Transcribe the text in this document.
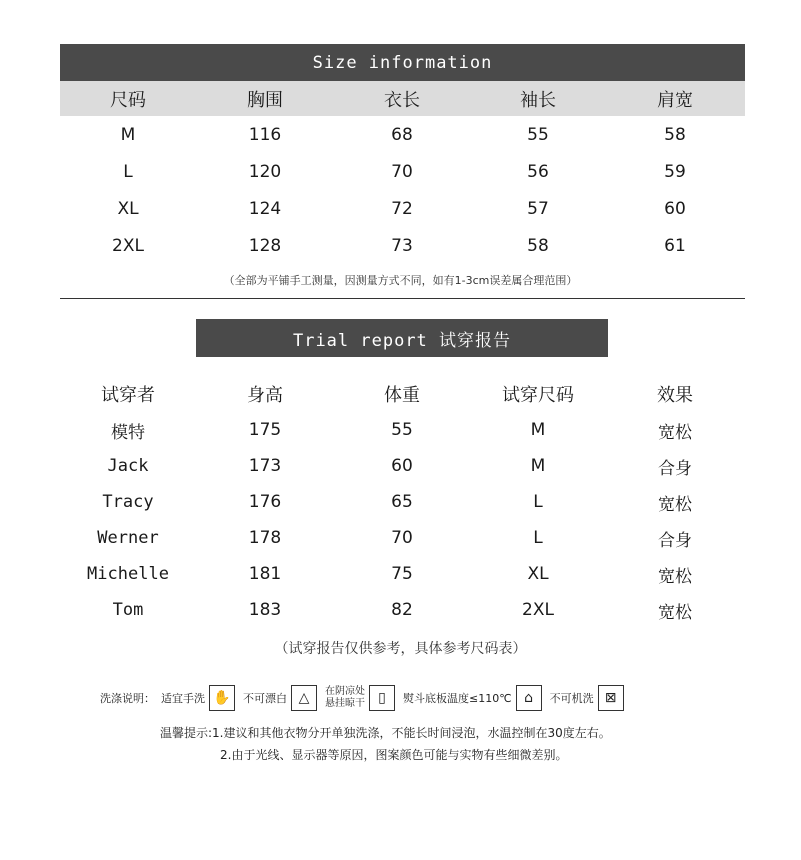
Size information
尺码	胸围	衣长	袖长	肩宽
M	116	68	55	58
L	120	70	56	59
XL	124	72	57	60
2XL	128	73	58	61
（全部为平铺手工测量，因测量方式不同，如有1-3cm误差属合理范围）
Trial report 试穿报告
试穿者	身高	体重	试穿尺码	效果
模特	175	55	M	宽松
Jack	173	60	M	合身
Tracy	176	65	L	宽松
Werner	178	70	L	合身
Michelle	181	75	XL	宽松
Tom	183	82	2XL	宽松
（试穿报告仅供参考，具体参考尺码表）
洗涤说明： 适宜手洗 ✋	不可漂白 △	在阴凉处
悬挂晾干 ▯	熨斗底板温度≤110℃ ⌂	不可机洗 ⊠
温馨提示:1.建议和其他衣物分开单独洗涤，不能长时间浸泡，水温控制在30度左右。
2.由于光线、显示器等原因，图案颜色可能与实物有些细微差别。
